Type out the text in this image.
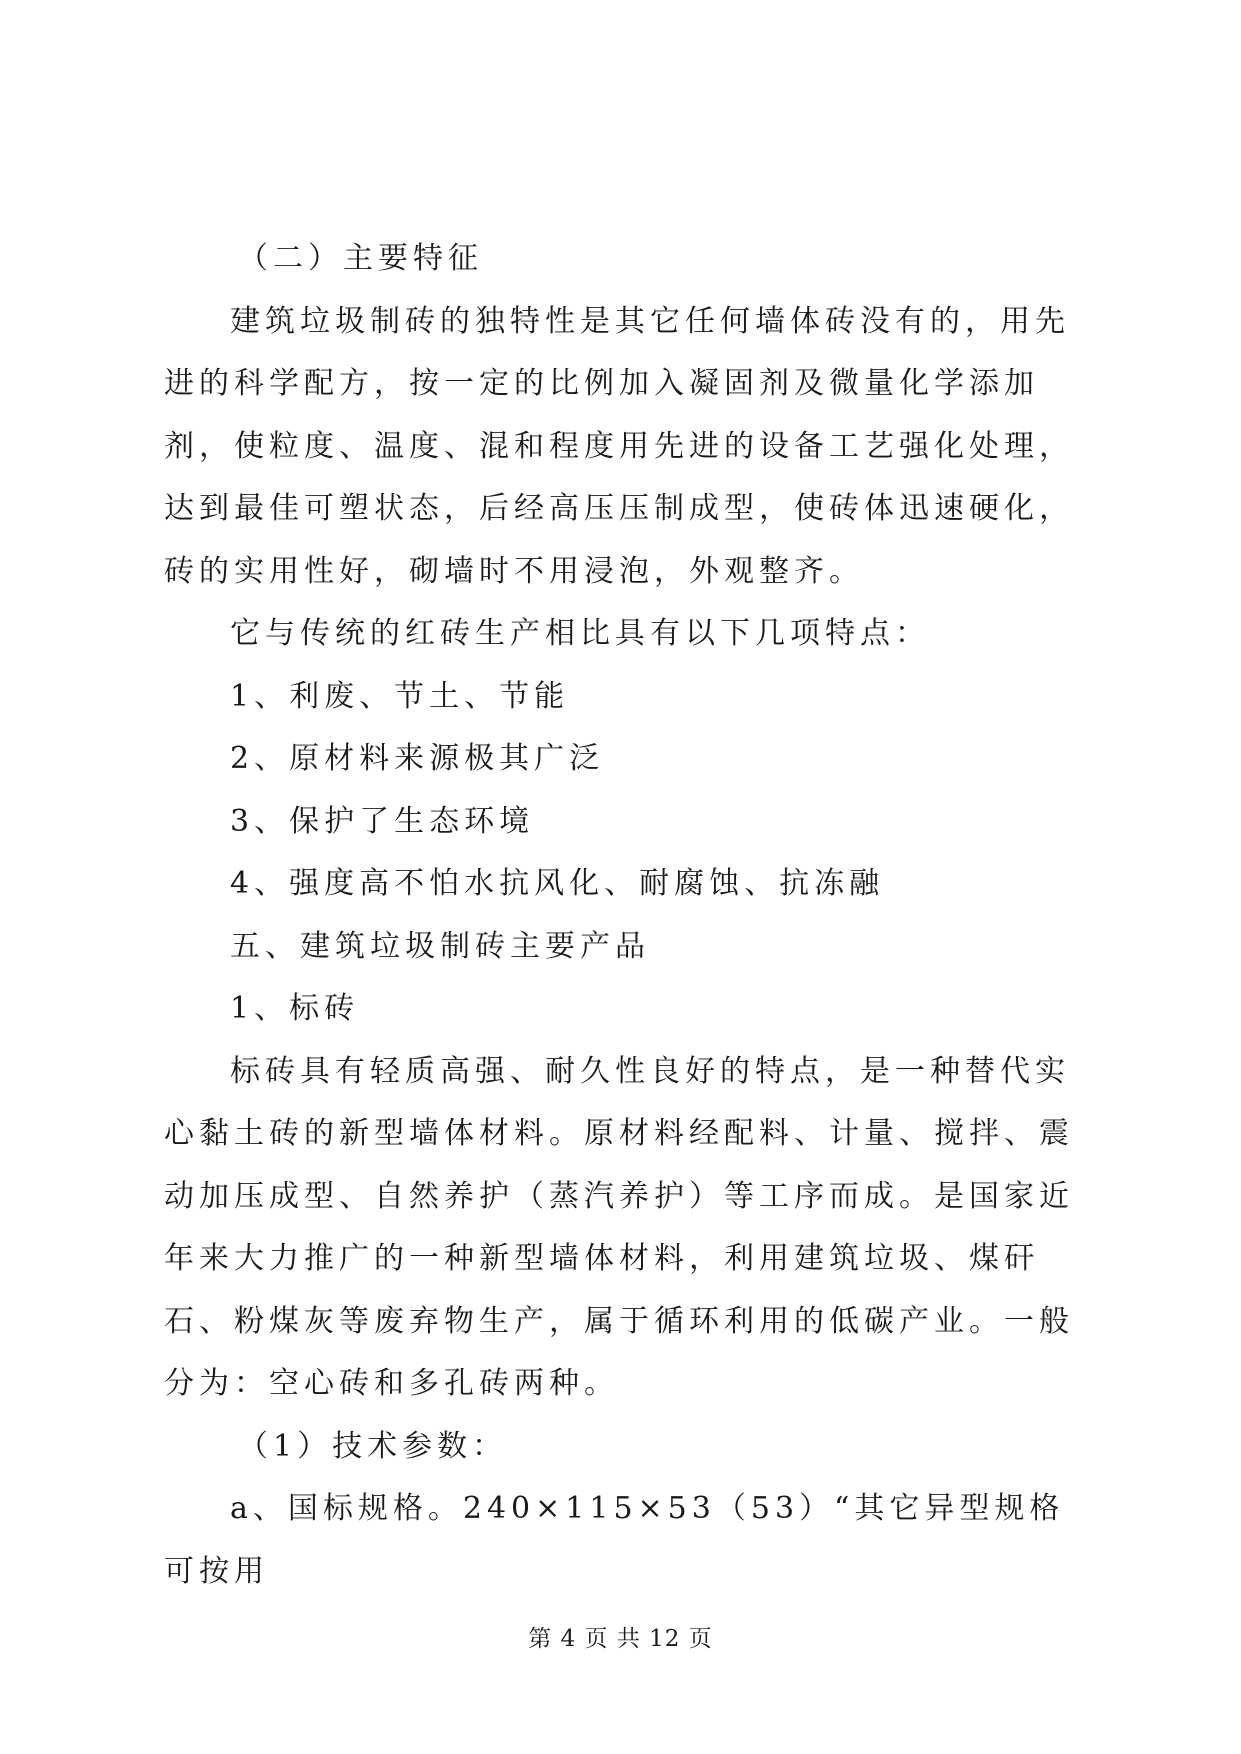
（二）主要特征

建筑垃圾制砖的独特性是其它任何墙体砖没有的，用先进的科学配方，按一定的比例加入凝固剂及微量化学添加剂，使粒度、温度、混和程度用先进的设备工艺强化处理，达到最佳可塑状态，后经高压压制成型，使砖体迅速硬化，砖的实用性好，砌墙时不用浸泡，外观整齐。

它与传统的红砖生产相比具有以下几项特点：

1、利废、节土、节能

2、原材料来源极其广泛

3、保护了生态环境

4、强度高不怕水抗风化、耐腐蚀、抗冻融

五、建筑垃圾制砖主要产品

1、标砖

标砖具有轻质高强、耐久性良好的特点，是一种替代实心黏土砖的新型墙体材料。原材料经配料、计量、搅拌、震动加压成型、自然养护（蒸汽养护）等工序而成。是国家近年来大力推广的一种新型墙体材料，利用建筑垃圾、煤矸石、粉煤灰等废弃物生产，属于循环利用的低碳产业。一般分为：空心砖和多孔砖两种。

（1）技术参数：

a、国标规格。240×115×53（53）“其它异型规格可按用

第 4 页 共 12 页
